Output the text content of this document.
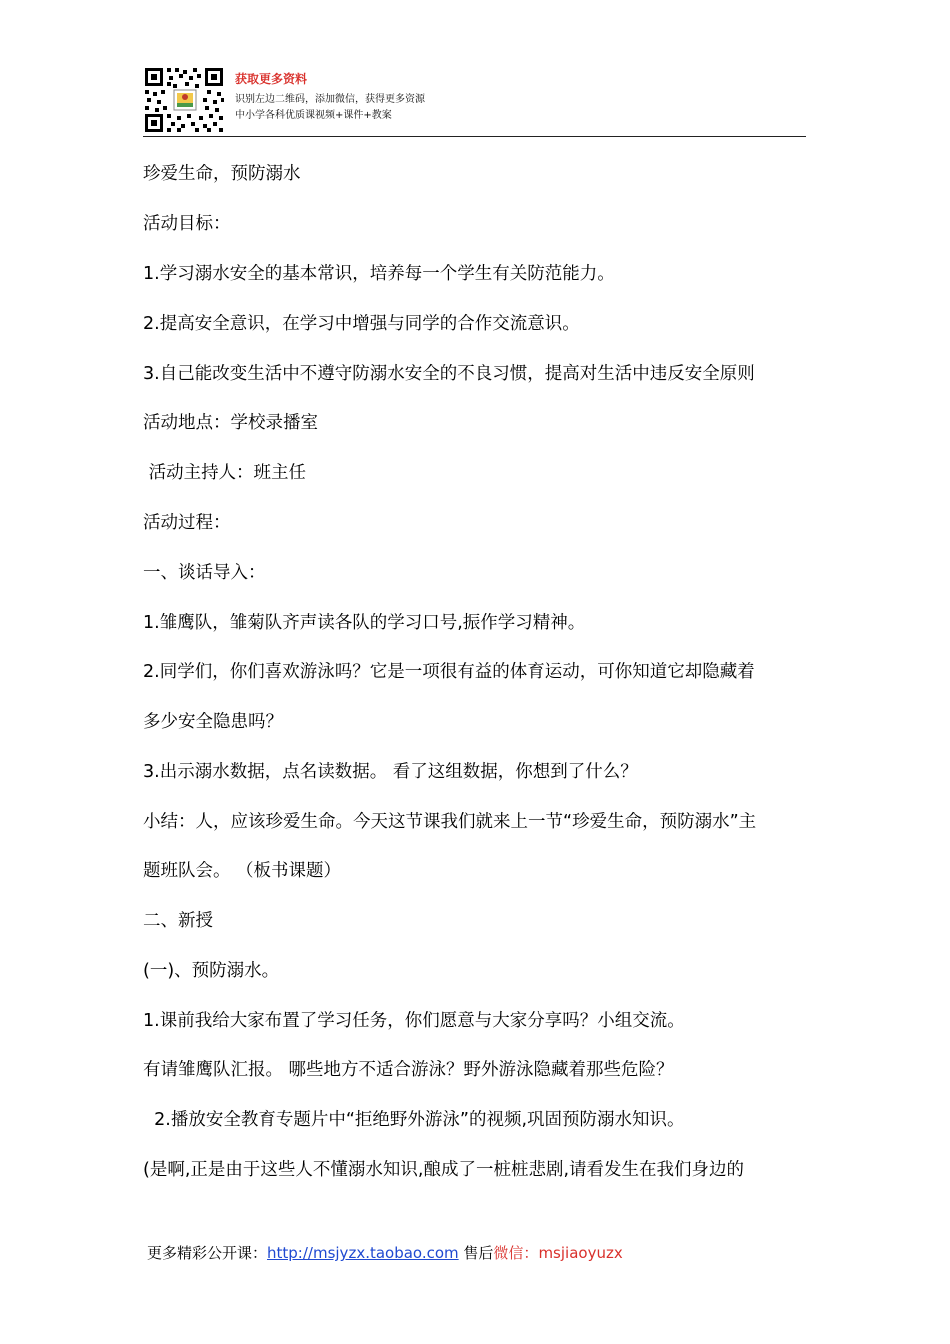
获取更多资料
识别左边二维码，添加微信，获得更多资源
中小学各科优质课视频+课件+教案
珍爱生命，预防溺水
活动目标：
1.学习溺水安全的基本常识，培养每一个学生有关防范能力。
2.提高安全意识，在学习中增强与同学的合作交流意识。
3.自己能改变生活中不遵守防溺水安全的不良习惯，提高对生活中违反安全原则
活动地点：学校录播室
活动主持人：班主任
活动过程：
一、谈话导入：
1.雏鹰队，雏菊队齐声读各队的学习口号,振作学习精神。
2.同学们，你们喜欢游泳吗？它是一项很有益的体育运动，可你知道它却隐藏着
多少安全隐患吗？
3.出示溺水数据，点名读数据。 看了这组数据，你想到了什么？
小结：人，应该珍爱生命。今天这节课我们就来上一节“珍爱生命，预防溺水”主
题班队会。 （板书课题）
二、新授
(一)、预防溺水。
1.课前我给大家布置了学习任务，你们愿意与大家分享吗？小组交流。
有请雏鹰队汇报。 哪些地方不适合游泳？野外游泳隐藏着那些危险？
2.播放安全教育专题片中“拒绝野外游泳”的视频,巩固预防溺水知识。
(是啊,正是由于这些人不懂溺水知识,酿成了一桩桩悲剧,请看发生在我们身边的
更多精彩公开课：http://msjyzx.taobao.com 售后微信：msjiaoyuzx
